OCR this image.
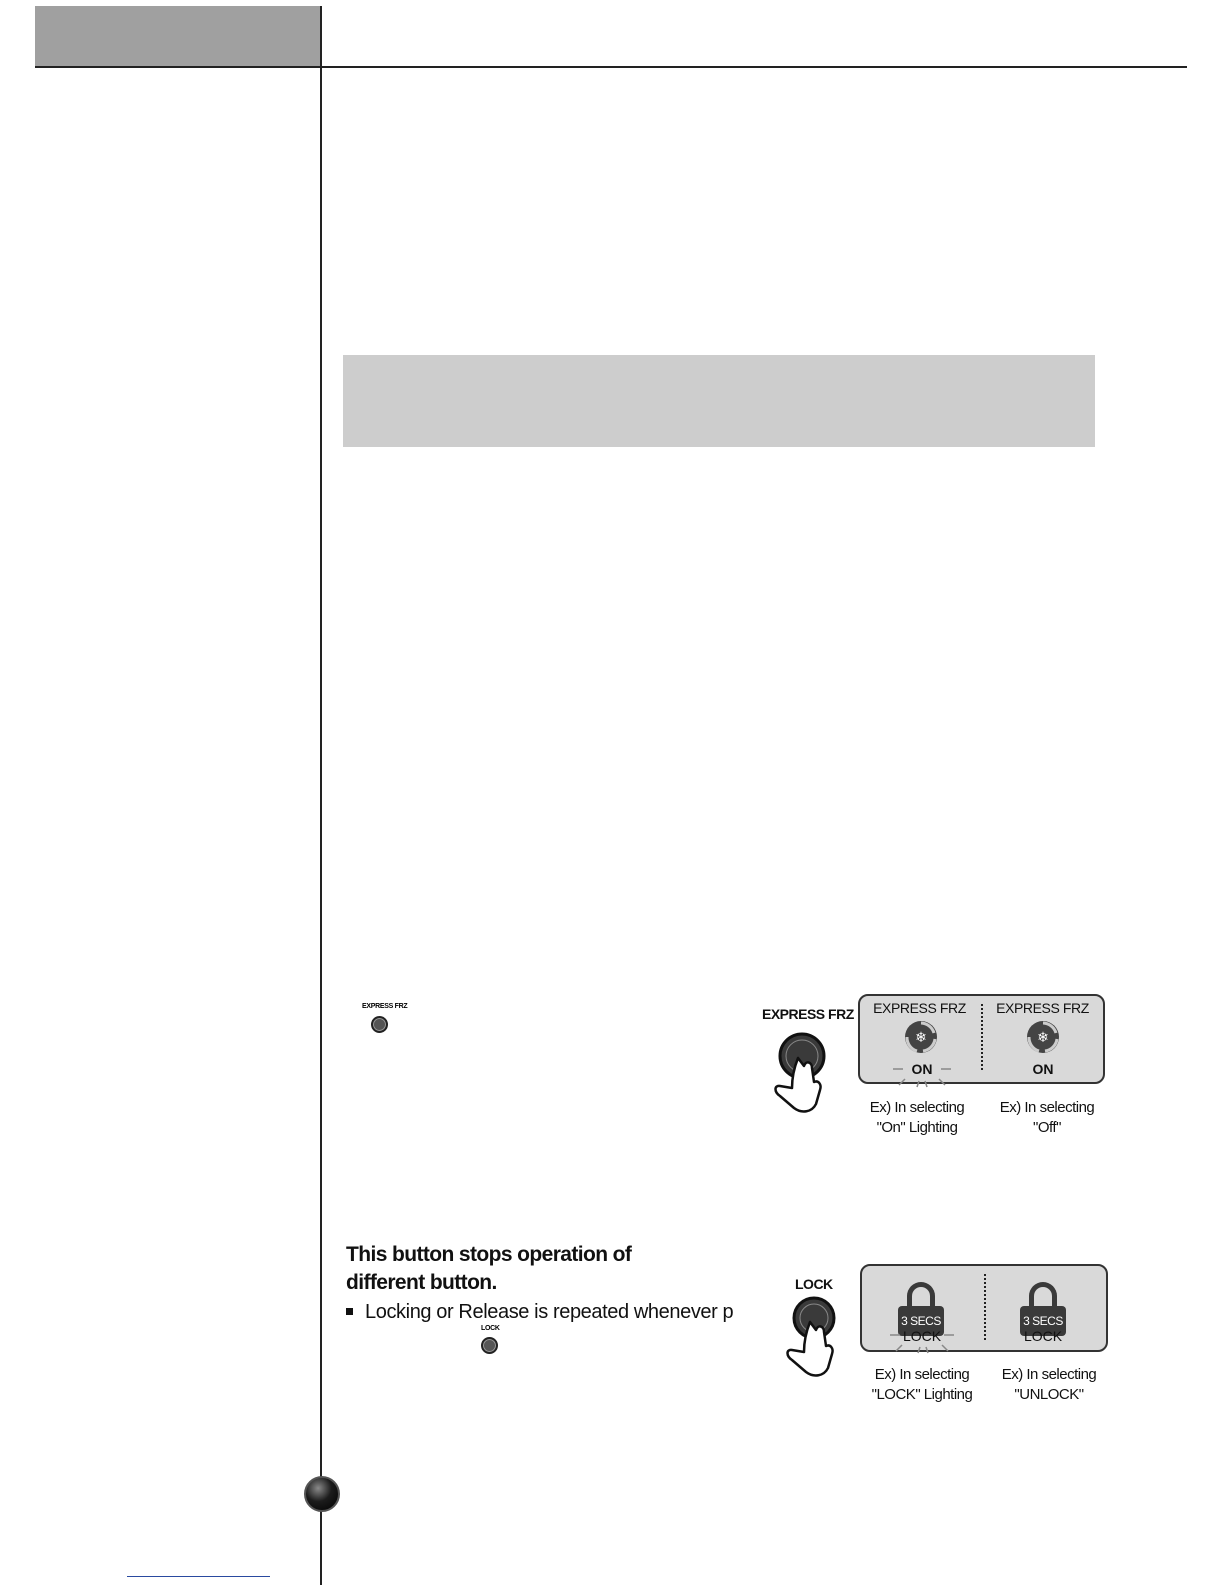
EXPRESS FRZ	EXPRESS FRZ	EXPRESS FRZ
❄
ON
EXPRESS FRZ
❄
ON
Ex) In selecting
"On" Lighting
Ex) In selecting
"Off"
This button stops operation of different button.
Locking or Release is repeated whenever p
LOCK
LOCK
3 SECS
LOCK
3 SECS
LOCK
Ex) In selecting
"LOCK" Lighting
Ex) In selecting
"UNLOCK"
